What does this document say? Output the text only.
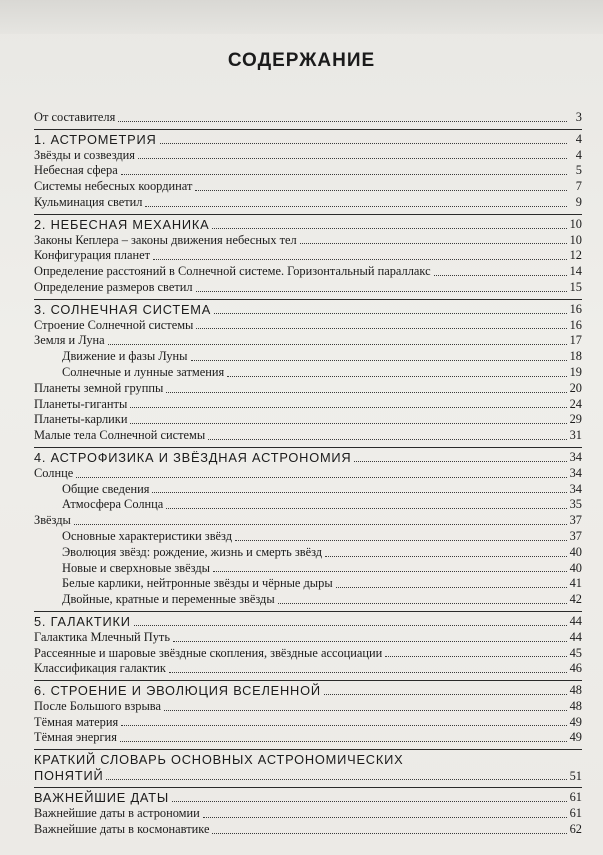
СОДЕРЖАНИЕ
От составителя	3
1. АСТРОМЕТРИЯ	4
Звёзды и созвездия	4
Небесная сфера	5
Системы небесных координат	7
Кульминация светил	9
2. НЕБЕСНАЯ МЕХАНИКА	10
Законы Кеплера – законы движения небесных тел	10
Конфигурация планет	12
Определение расстояний в Солнечной системе. Горизонтальный параллакс	14
Определение размеров светил	15
3. СОЛНЕЧНАЯ СИСТЕМА	16
Строение Солнечной системы	16
Земля и Луна	17
Движение и фазы Луны	18
Солнечные и лунные затмения	19
Планеты земной группы	20
Планеты-гиганты	24
Планеты-карлики	29
Малые тела Солнечной системы	31
4. АСТРОФИЗИКА И ЗВЁЗДНАЯ АСТРОНОМИЯ	34
Солнце	34
Общие сведения	34
Атмосфера Солнца	35
Звёзды	37
Основные характеристики звёзд	37
Эволюция звёзд: рождение, жизнь и смерть звёзд	40
Новые и сверхновые звёзды	40
Белые карлики, нейтронные звёзды и чёрные дыры	41
Двойные, кратные и переменные звёзды	42
5. ГАЛАКТИКИ	44
Галактика Млечный Путь	44
Рассеянные и шаровые звёздные скопления, звёздные ассоциации	45
Классификация галактик	46
6. СТРОЕНИЕ И ЭВОЛЮЦИЯ ВСЕЛЕННОЙ	48
После Большого взрыва	48
Тёмная материя	49
Тёмная энергия	49
КРАТКИЙ СЛОВАРЬ ОСНОВНЫХ АСТРОНОМИЧЕСКИХ
ПОНЯТИЙ	51
ВАЖНЕЙШИЕ ДАТЫ	61
Важнейшие даты в астрономии	61
Важнейшие даты в космонавтике	62
